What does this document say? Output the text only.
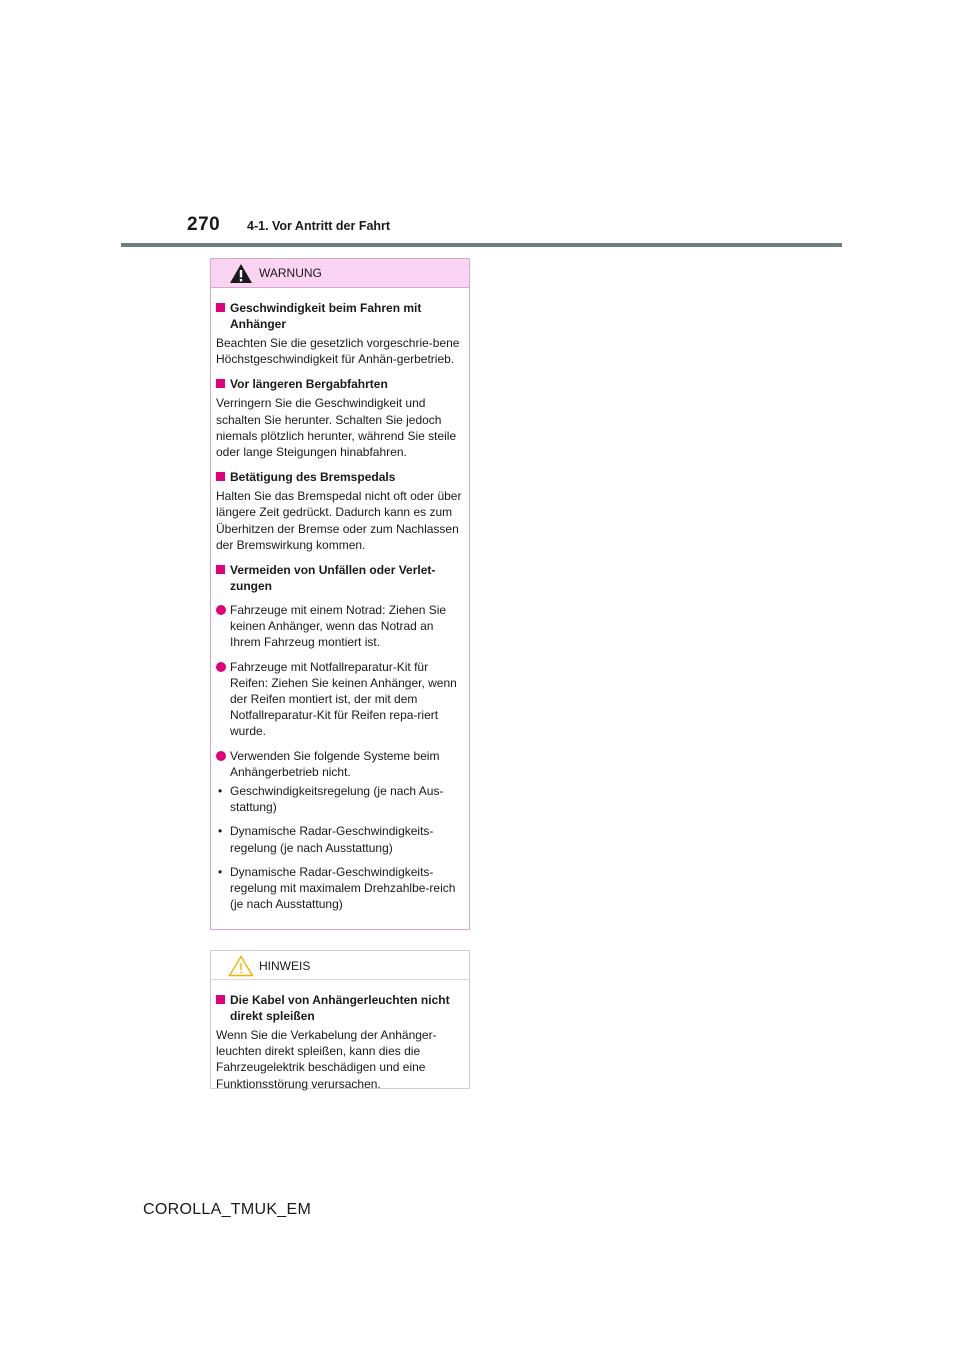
270 4-1. Vor Antritt der Fahrt
WARNUNG
Geschwindigkeit beim Fahren mit Anhänger
Beachten Sie die gesetzlich vorgeschrie-bene Höchstgeschwindigkeit für Anhän-gerbetrieb.
Vor längeren Bergabfahrten
Verringern Sie die Geschwindigkeit und schalten Sie herunter. Schalten Sie jedoch niemals plötzlich herunter, während Sie steile oder lange Steigungen hinabfahren.
Betätigung des Bremspedals
Halten Sie das Bremspedal nicht oft oder über längere Zeit gedrückt. Dadurch kann es zum Überhitzen der Bremse oder zum Nachlassen der Bremswirkung kommen.
Vermeiden von Unfällen oder Verlet-zungen
Fahrzeuge mit einem Notrad: Ziehen Sie keinen Anhänger, wenn das Notrad an Ihrem Fahrzeug montiert ist.
Fahrzeuge mit Notfallreparatur-Kit für Reifen: Ziehen Sie keinen Anhänger, wenn der Reifen montiert ist, der mit dem Notfallreparatur-Kit für Reifen repa-riert wurde.
Verwenden Sie folgende Systeme beim Anhängerbetrieb nicht.
• Geschwindigkeitsregelung (je nach Aus-stattung)
• Dynamische Radar-Geschwindigkeits-regelung (je nach Ausstattung)
• Dynamische Radar-Geschwindigkeits-regelung mit maximalem Drehzahlbe-reich (je nach Ausstattung)
HINWEIS
Die Kabel von Anhängerleuchten nicht direkt spleißen
Wenn Sie die Verkabelung der Anhänger-leuchten direkt spleißen, kann dies die Fahrzeugelektrik beschädigen und eine Funktionsstörung verursachen.
COROLLA_TMUK_EM
